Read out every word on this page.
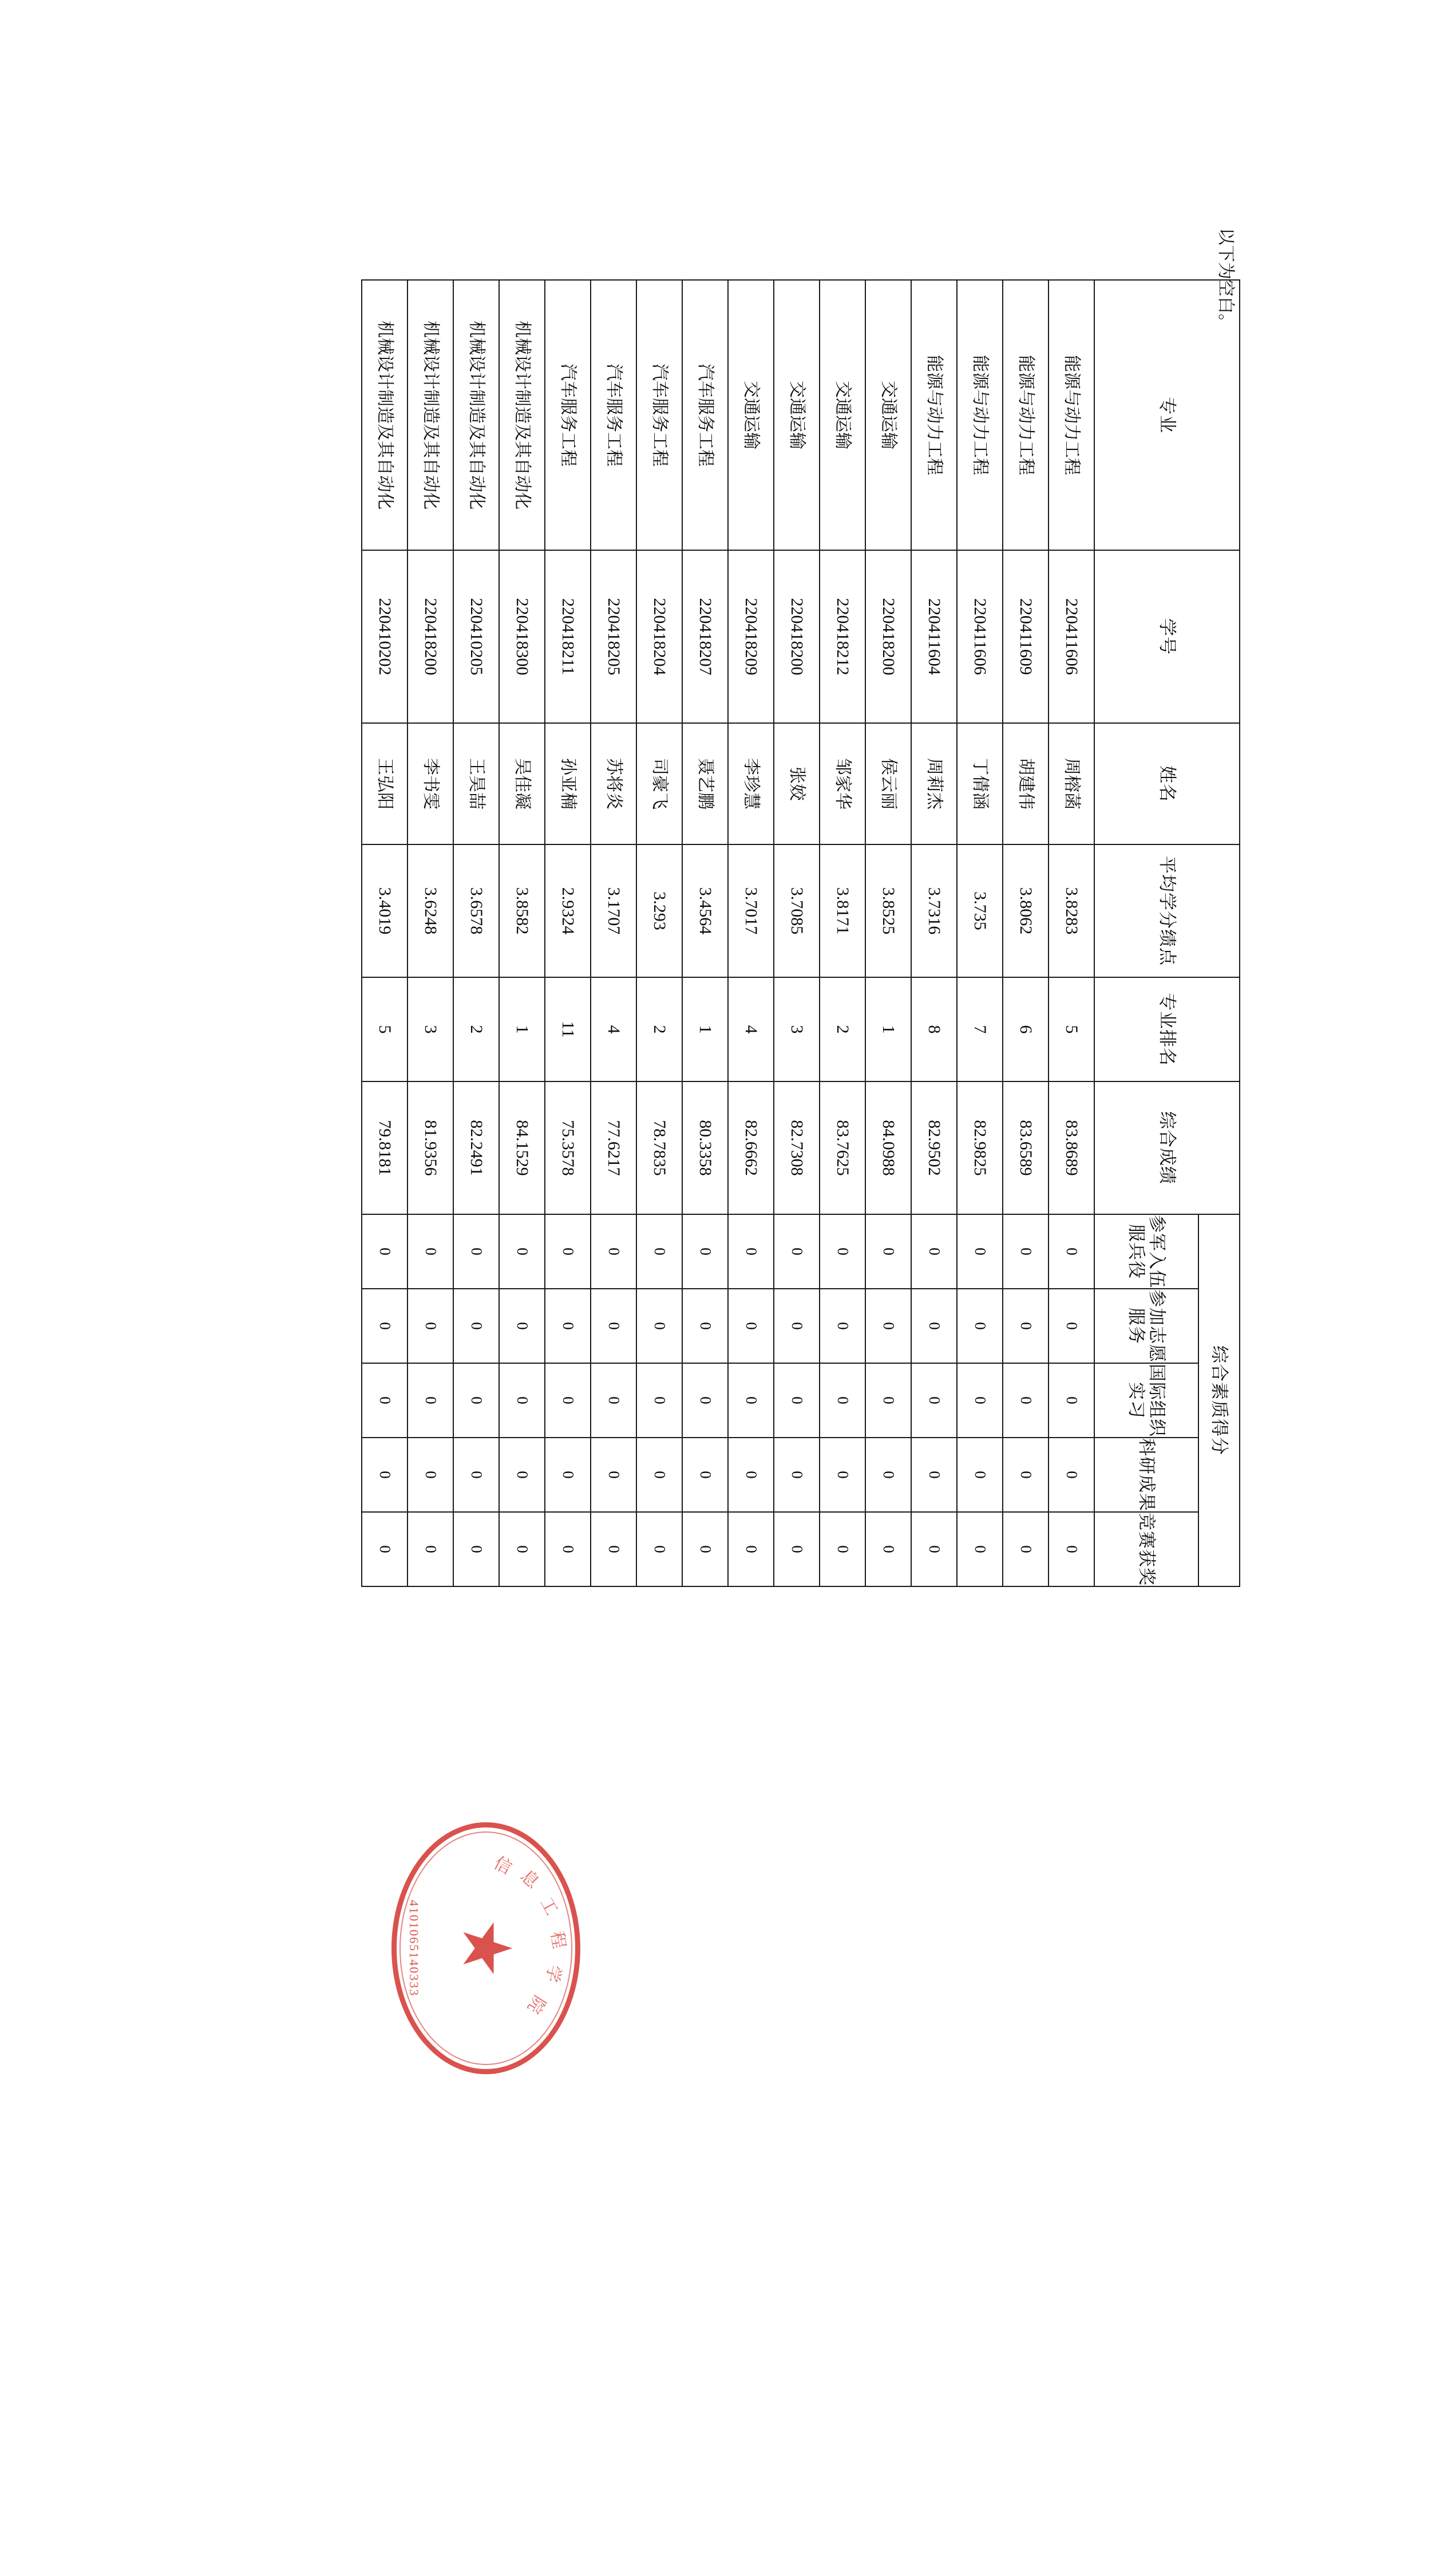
以下为空白。
专业	学号	姓名	平均学分绩点	专业排名	综合成绩	综合素质得分				
						参军入伍服兵役	参加志愿服务	国际组织实习	科研成果	竞赛获奖
能源与动力工程	220411606	周榕菡	3.8283	5	83.8689	0	0	0	0	0
能源与动力工程	220411609	胡建伟	3.8062	6	83.6589	0	0	0	0	0
能源与动力工程	220411606	丁倩涵	3.735	7	82.9825	0	0	0	0	0
能源与动力工程	220411604	周莉杰	3.7316	8	82.9502	0	0	0	0	0
交通运输	220418200	侯云丽	3.8525	1	84.0988	0	0	0	0	0
交通运输	220418212	邹家华	3.8171	2	83.7625	0	0	0	0	0
交通运输	220418200	张姣	3.7085	3	82.7308	0	0	0	0	0
交通运输	220418209	李珍慧	3.7017	4	82.6662	0	0	0	0	0
汽车服务工程	220418207	聂艺鹏	3.4564	1	80.3358	0	0	0	0	0
汽车服务工程	220418204	司豪飞	3.293	2	78.7835	0	0	0	0	0
汽车服务工程	220418205	苏将炎	3.1707	4	77.6217	0	0	0	0	0
汽车服务工程	220418211	孙亚楠	2.9324	11	75.3578	0	0	0	0	0
机械设计制造及其自动化	220418300	吴佳凝	3.8582	1	84.1529	0	0	0	0	0
机械设计制造及其自动化	220410205	王昊喆	3.6578	2	82.2491	0	0	0	0	0
机械设计制造及其自动化	220418200	李书雯	3.6248	3	81.9356	0	0	0	0	0
机械设计制造及其自动化	220410202	王弘阳	3.4019	5	79.8181	0	0	0	0	0
★
信
息
工
程
学
院
4101065140333
